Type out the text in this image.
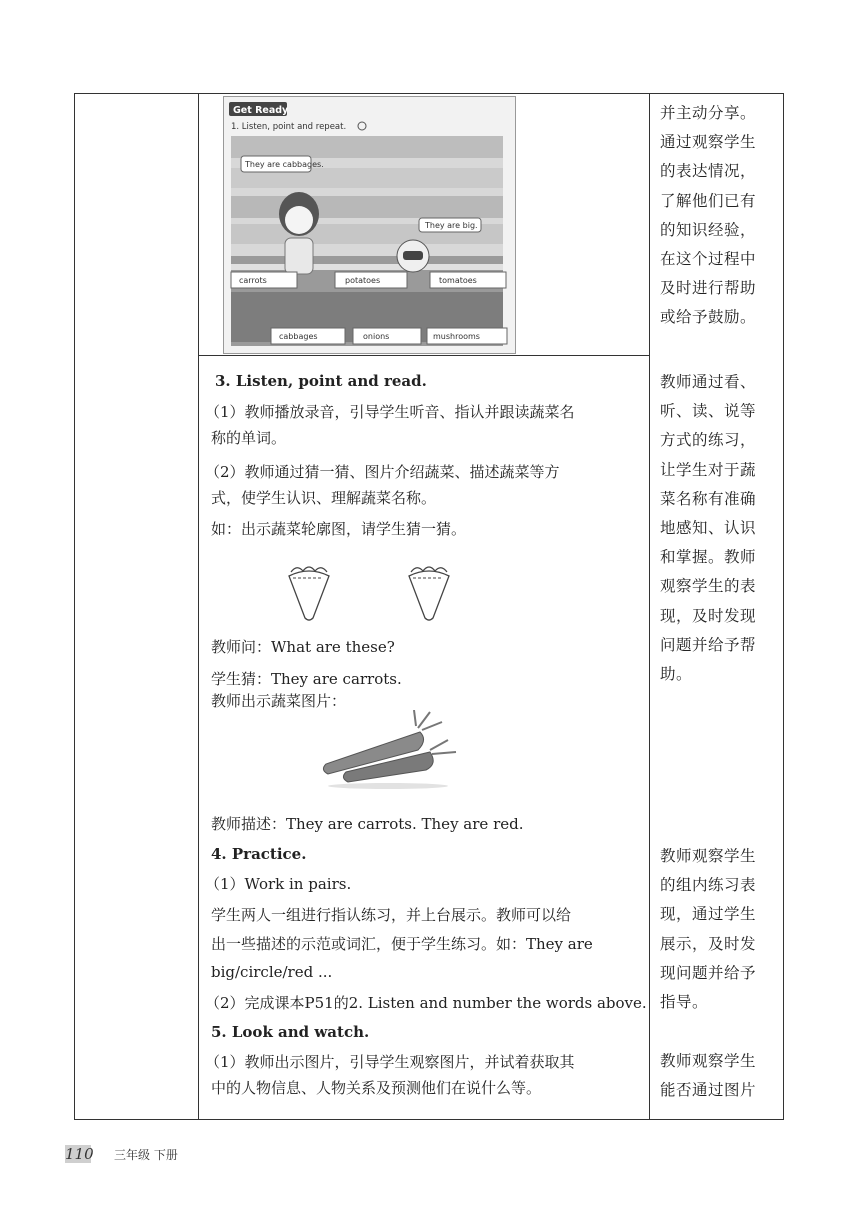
Get Ready
1. Listen, point and repeat.
They are cabbages.
They are big.
carrots	potatoes	tomatoes
cabbages	onions	mushrooms
3. Listen, point and read.
（1）教师播放录音，引导学生听音、指认并跟读蔬菜名
称的单词。
（2）教师通过猜一猜、图片介绍蔬菜、描述蔬菜等方
式，使学生认识、理解蔬菜名称。
如：出示蔬菜轮廓图，请学生猜一猜。
教师问：What are these?
学生猜：They are carrots.
教师出示蔬菜图片：
教师描述：They are carrots. They are red.
4. Practice.
（1）Work in pairs.
学生两人一组进行指认练习，并上台展示。教师可以给
出一些描述的示范或词汇，便于学生练习。如：They are
big/circle/red ...
（2）完成课本P51的2. Listen and number the words above.
5. Look and watch.
（1）教师出示图片，引导学生观察图片，并试着获取其
中的人物信息、人物关系及预测他们在说什么等。
并主动分享。
通过观察学生
的表达情况，
了解他们已有
的知识经验，
在这个过程中
及时进行帮助
或给予鼓励。
教师通过看、
听、读、说等
方式的练习，
让学生对于蔬
菜名称有准确
地感知、认识
和掌握。教师
观察学生的表
现，及时发现
问题并给予帮
助。
教师观察学生
的组内练习表
现，通过学生
展示，及时发
现问题并给予
指导。
教师观察学生
能否通过图片
110 三年级 下册
